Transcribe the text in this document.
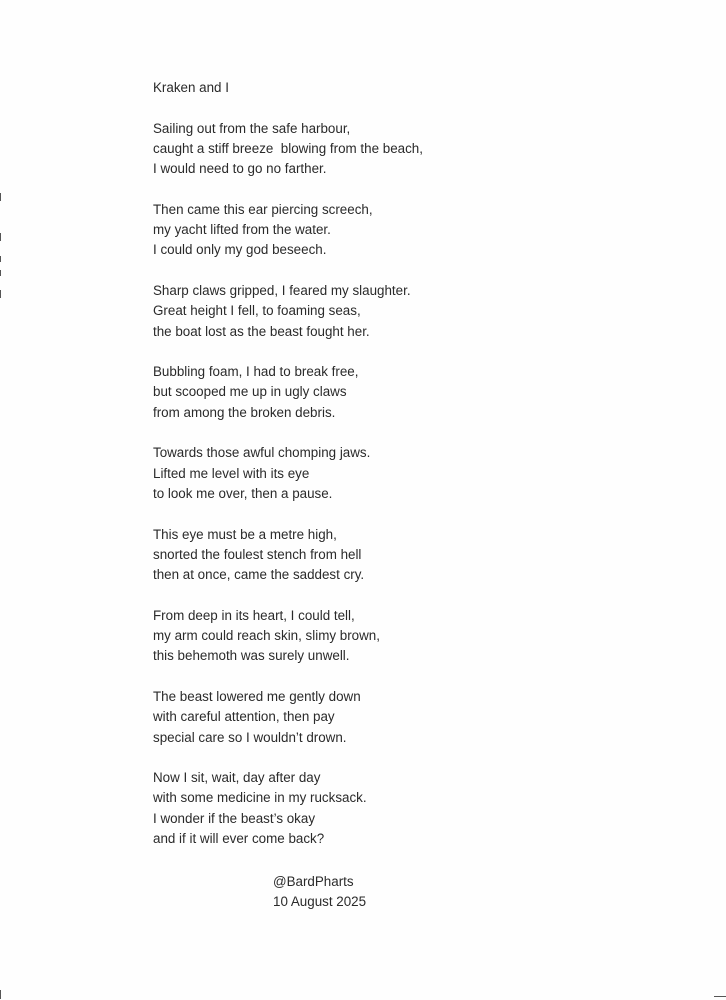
Kraken and I
Sailing out from the safe harbour,
caught a stiff breeze  blowing from the beach,
I would need to go no farther.
Then came this ear piercing screech,
my yacht lifted from the water.
I could only my god beseech.
Sharp claws gripped, I feared my slaughter.
Great height I fell, to foaming seas,
the boat lost as the beast fought her.
Bubbling foam, I had to break free,
but scooped me up in ugly claws
from among the broken debris.
Towards those awful chomping jaws.
Lifted me level with its eye
to look me over, then a pause.
This eye must be a metre high,
snorted the foulest stench from hell
then at once, came the saddest cry.
From deep in its heart, I could tell,
my arm could reach skin, slimy brown,
this behemoth was surely unwell.
The beast lowered me gently down
with careful attention, then pay
special care so I wouldn’t drown.
Now I sit, wait, day after day
with some medicine in my rucksack.
I wonder if the beast’s okay
and if it will ever come back?
@BardPharts
10 August 2025
